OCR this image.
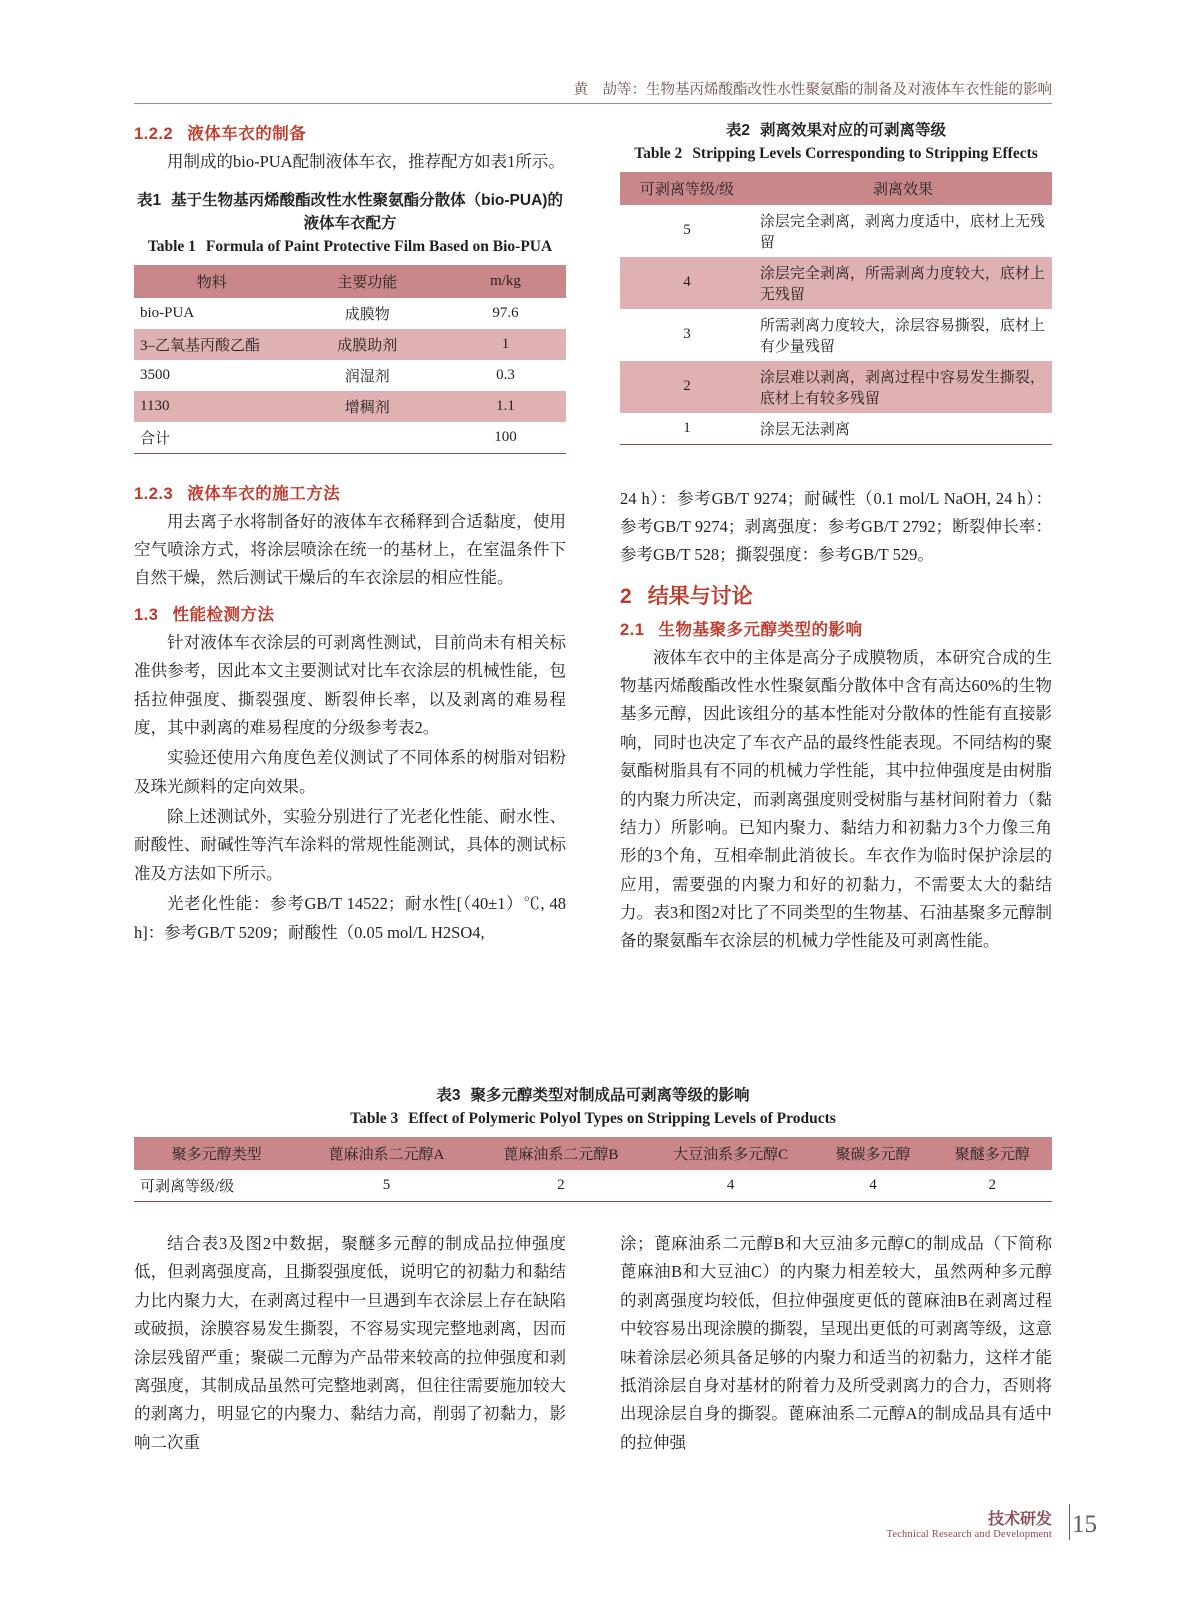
黄　劼等：生物基丙烯酸酯改性水性聚氨酯的制备及对液体车衣性能的影响
1.2.2 液体车衣的制备

用制成的bio-PUA配制液体车衣，推荐配方如表1所示。

表1 基于生物基丙烯酸酯改性水性聚氨酯分散体（bio-PUA)的液体车衣配方
Table 1 Formula of Paint Protective Film Based on Bio-PUA
物料	主要功能	m/kg
bio-PUA	成膜物	97.6
3–乙氧基丙酸乙酯	成膜助剂	1
3500	润湿剂	0.3
1130	增稠剂	1.1
合计		100
1.2.3 液体车衣的施工方法

用去离子水将制备好的液体车衣稀释到合适黏度，使用空气喷涂方式，将涂层喷涂在统一的基材上，在室温条件下自然干燥，然后测试干燥后的车衣涂层的相应性能。

1.3 性能检测方法

针对液体车衣涂层的可剥离性测试，目前尚未有相关标准供参考，因此本文主要测试对比车衣涂层的机械性能，包括拉伸强度、撕裂强度、断裂伸长率，以及剥离的难易程度，其中剥离的难易程度的分级参考表2。

实验还使用六角度色差仪测试了不同体系的树脂对铝粉及珠光颜料的定向效果。

除上述测试外，实验分别进行了光老化性能、耐水性、耐酸性、耐碱性等汽车涂料的常规性能测试，具体的测试标准及方法如下所示。

光老化性能：参考GB/T 14522；耐水性[（40±1）℃, 48 h]：参考GB/T 5209；耐酸性（0.05 mol/L H2SO4,

表2 剥离效果对应的可剥离等级
Table 2 Stripping Levels Corresponding to Stripping Effects
可剥离等级/级	剥离效果
5	涂层完全剥离，剥离力度适中，底材上无残留
4	涂层完全剥离，所需剥离力度较大，底材上无残留
3	所需剥离力度较大，涂层容易撕裂，底材上有少量残留
2	涂层难以剥离，剥离过程中容易发生撕裂，底材上有较多残留
1	涂层无法剥离

24 h）：参考GB/T 9274；耐碱性（0.1 mol/L NaOH, 24 h）：参考GB/T 9274；剥离强度：参考GB/T 2792；断裂伸长率：参考GB/T 528；撕裂强度：参考GB/T 529。

2 结果与讨论
2.1 生物基聚多元醇类型的影响

液体车衣中的主体是高分子成膜物质，本研究合成的生物基丙烯酸酯改性水性聚氨酯分散体中含有高达60%的生物基多元醇，因此该组分的基本性能对分散体的性能有直接影响，同时也决定了车衣产品的最终性能表现。不同结构的聚氨酯树脂具有不同的机械力学性能，其中拉伸强度是由树脂的内聚力所决定，而剥离强度则受树脂与基材间附着力（黏结力）所影响。已知内聚力、黏结力和初黏力3个力像三角形的3个角，互相牵制此消彼长。车衣作为临时保护涂层的应用，需要强的内聚力和好的初黏力，不需要太大的黏结力。表3和图2对比了不同类型的生物基、石油基聚多元醇制备的聚氨酯车衣涂层的机械力学性能及可剥离性能。

表3 聚多元醇类型对制成品可剥离等级的影响
Table 3 Effect of Polymeric Polyol Types on Stripping Levels of Products
聚多元醇类型	蓖麻油系二元醇A	蓖麻油系二元醇B	大豆油系多元醇C	聚碳多元醇	聚醚多元醇
可剥离等级/级	5	2	4	4	2

结合表3及图2中数据，聚醚多元醇的制成品拉伸强度低，但剥离强度高，且撕裂强度低，说明它的初黏力和黏结力比内聚力大，在剥离过程中一旦遇到车衣涂层上存在缺陷或破损，涂膜容易发生撕裂，不容易实现完整地剥离，因而涂层残留严重；聚碳二元醇为产品带来较高的拉伸强度和剥离强度，其制成品虽然可完整地剥离，但往往需要施加较大的剥离力，明显它的内聚力、黏结力高，削弱了初黏力，影响二次重

涂；蓖麻油系二元醇B和大豆油多元醇C的制成品（下简称蓖麻油B和大豆油C）的内聚力相差较大，虽然两种多元醇的剥离强度均较低，但拉伸强度更低的蓖麻油B在剥离过程中较容易出现涂膜的撕裂，呈现出更低的可剥离等级，这意味着涂层必须具备足够的内聚力和适当的初黏力，这样才能抵消涂层自身对基材的附着力及所受剥离力的合力，否则将出现涂层自身的撕裂。蓖麻油系二元醇A的制成品具有适中的拉伸强

技术研发
Technical Research and Development 15
